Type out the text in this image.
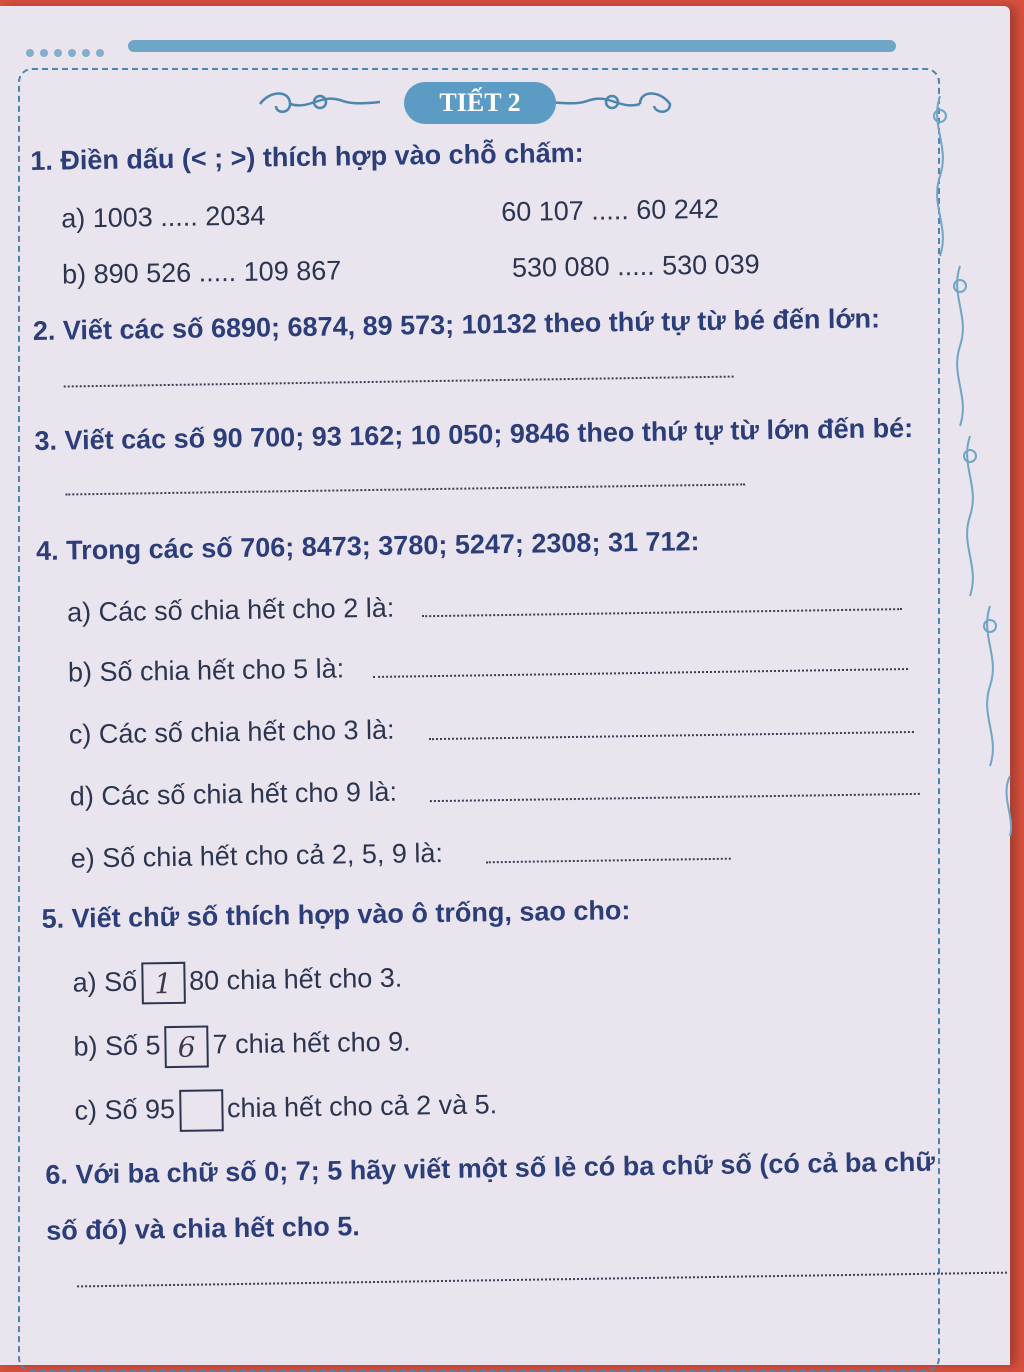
TIẾT 2
1. Điền dấu (< ; >) thích hợp vào chỗ chấm:
a) 1003 ..... 2034	60 107 ..... 60 242
b) 890 526 ..... 109 867	530 080 ..... 530 039
2. Viết các số 6890; 6874, 89 573; 10132 theo thứ tự từ bé đến lớn:
3. Viết các số 90 700; 93 162; 10 050; 9846 theo thứ tự từ lớn đến bé:
4. Trong các số 706; 8473; 3780; 5247; 2308; 31 712:
a) Các số chia hết cho 2 là:
b) Số chia hết cho 5 là:
c) Các số chia hết cho 3 là:
d) Các số chia hết cho 9 là:
e) Số chia hết cho cả 2, 5, 9 là:
5. Viết chữ số thích hợp vào ô trống, sao cho:
a) Số 1 80 chia hết cho 3.
b) Số 5 6 7 chia hết cho 9.
c) Số 95 chia hết cho cả 2 và 5.
6. Với ba chữ số 0; 7; 5 hãy viết một số lẻ có ba chữ số (có cả ba chữ
số đó) và chia hết cho 5.
